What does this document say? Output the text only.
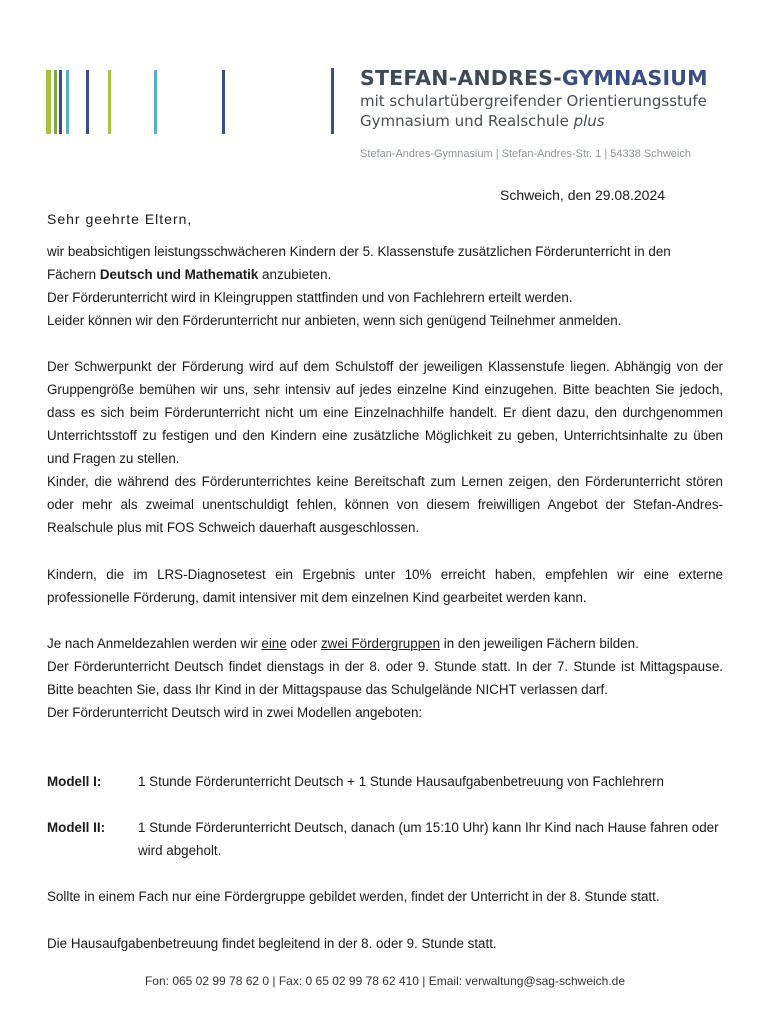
STEFAN-ANDRES-GYMNASIUM
mit schulartübergreifender Orientierungsstufe
Gymnasium und Realschule plus
Stefan-Andres-Gymnasium | Stefan-Andres-Str. 1 | 54338 Schweich
Schweich, den 29.08.2024
Sehr geehrte Eltern,
wir beabsichtigen leistungsschwächeren Kindern der 5. Klassenstufe zusätzlichen Förderunterricht in den Fächern Deutsch und Mathematik anzubieten.
Der Förderunterricht wird in Kleingruppen stattfinden und von Fachlehrern erteilt werden.
Leider können wir den Förderunterricht nur anbieten, wenn sich genügend Teilnehmer anmelden.
Der Schwerpunkt der Förderung wird auf dem Schulstoff der jeweiligen Klassenstufe liegen. Abhängig von der Gruppengröße bemühen wir uns, sehr intensiv auf jedes einzelne Kind einzugehen. Bitte beachten Sie jedoch, dass es sich beim Förderunterricht nicht um eine Einzelnachhilfe handelt. Er dient dazu, den durchgenommen Unterrichtsstoff zu festigen und den Kindern eine zusätzliche Möglichkeit zu geben, Unterrichtsinhalte zu üben und Fragen zu stellen.
Kinder, die während des Förderunterrichtes keine Bereitschaft zum Lernen zeigen, den Förderunterricht stören oder mehr als zweimal unentschuldigt fehlen, können von diesem freiwilligen Angebot der Stefan-Andres-Realschule plus mit FOS Schweich dauerhaft ausgeschlossen.
Kindern, die im LRS-Diagnosetest ein Ergebnis unter 10% erreicht haben, empfehlen wir eine externe professionelle Förderung, damit intensiver mit dem einzelnen Kind gearbeitet werden kann.
Je nach Anmeldezahlen werden wir eine oder zwei Fördergruppen in den jeweiligen Fächern bilden.
Der Förderunterricht Deutsch findet dienstags in der 8. oder 9. Stunde statt. In der 7. Stunde ist Mittagspause. Bitte beachten Sie, dass Ihr Kind in der Mittagspause das Schulgelände NICHT verlassen darf.
Der Förderunterricht Deutsch wird in zwei Modellen angeboten:
Modell I:	1 Stunde Förderunterricht Deutsch + 1 Stunde Hausaufgabenbetreuung von Fachlehrern
Modell II: 1 Stunde Förderunterricht Deutsch, danach (um 15:10 Uhr) kann Ihr Kind nach Hause fahren oder wird abgeholt.
Sollte in einem Fach nur eine Fördergruppe gebildet werden, findet der Unterricht in der 8. Stunde statt.
Die Hausaufgabenbetreuung findet begleitend in der 8. oder 9. Stunde statt.
Fon: 065 02 99 78 62 0 | Fax: 0 65 02 99 78 62 410 | Email: verwaltung@sag-schweich.de
